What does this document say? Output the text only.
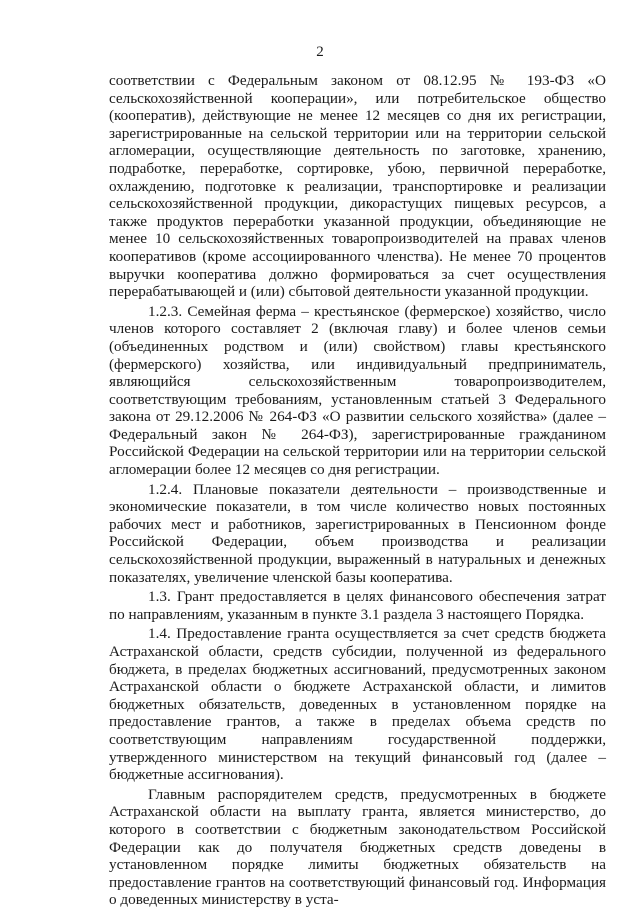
2

соответствии с Федеральным законом от 08.12.95 № 193-ФЗ «О сельскохозяйственной кооперации», или потребительское общество (кооператив), действующие не менее 12 месяцев со дня их регистрации, зарегистрированные на сельской территории или на территории сельской агломерации, осуществляющие деятельность по заготовке, хранению, подработке, переработке, сортировке, убою, первичной переработке, охлаждению, подготовке к реализации, транспортировке и реализации сельскохозяйственной продукции, дикорастущих пищевых ресурсов, а также продуктов переработки указанной продукции, объединяющие не менее 10 сельскохозяйственных товаропроизводителей на правах членов кооперативов (кроме ассоциированного членства). Не менее 70 процентов выручки кооператива должно формироваться за счет осуществления перерабатывающей и (или) сбытовой деятельности указанной продукции.

1.2.3. Семейная ферма – крестьянское (фермерское) хозяйство, число членов которого составляет 2 (включая главу) и более членов семьи (объединенных родством и (или) свойством) главы крестьянского (фермерского) хозяйства, или индивидуальный предприниматель, являющийся сельскохозяйственным товаропроизводителем, соответствующим требованиям, установленным статьей 3 Федерального закона от 29.12.2006 № 264-ФЗ «О развитии сельского хозяйства» (далее – Федеральный закон № 264-ФЗ), зарегистрированные гражданином Российской Федерации на сельской территории или на территории сельской агломерации более 12 месяцев со дня регистрации.

1.2.4. Плановые показатели деятельности – производственные и экономические показатели, в том числе количество новых постоянных рабочих мест и работников, зарегистрированных в Пенсионном фонде Российской Федерации, объем производства и реализации сельскохозяйственной продукции, выраженный в натуральных и денежных показателях, увеличение членской базы кооператива.

1.3. Грант предоставляется в целях финансового обеспечения затрат по направлениям, указанным в пункте 3.1 раздела 3 настоящего Порядка.

1.4. Предоставление гранта осуществляется за счет средств бюджета Астраханской области, средств субсидии, полученной из федерального бюджета, в пределах бюджетных ассигнований, предусмотренных законом Астраханской области о бюджете Астраханской области, и лимитов бюджетных обязательств, доведенных в установленном порядке на предоставление грантов, а также в пределах объема средств по соответствующим направлениям государственной поддержки, утвержденного министерством на текущий финансовый год (далее – бюджетные ассигнования).

Главным распорядителем средств, предусмотренных в бюджете Астраханской области на выплату гранта, является министерство, до которого в соответствии с бюджетным законодательством Российской Федерации как до получателя бюджетных средств доведены в установленном порядке лимиты бюджетных обязательств на предоставление грантов на соответствующий финансовый год. Информация о доведенных министерству в уста-
